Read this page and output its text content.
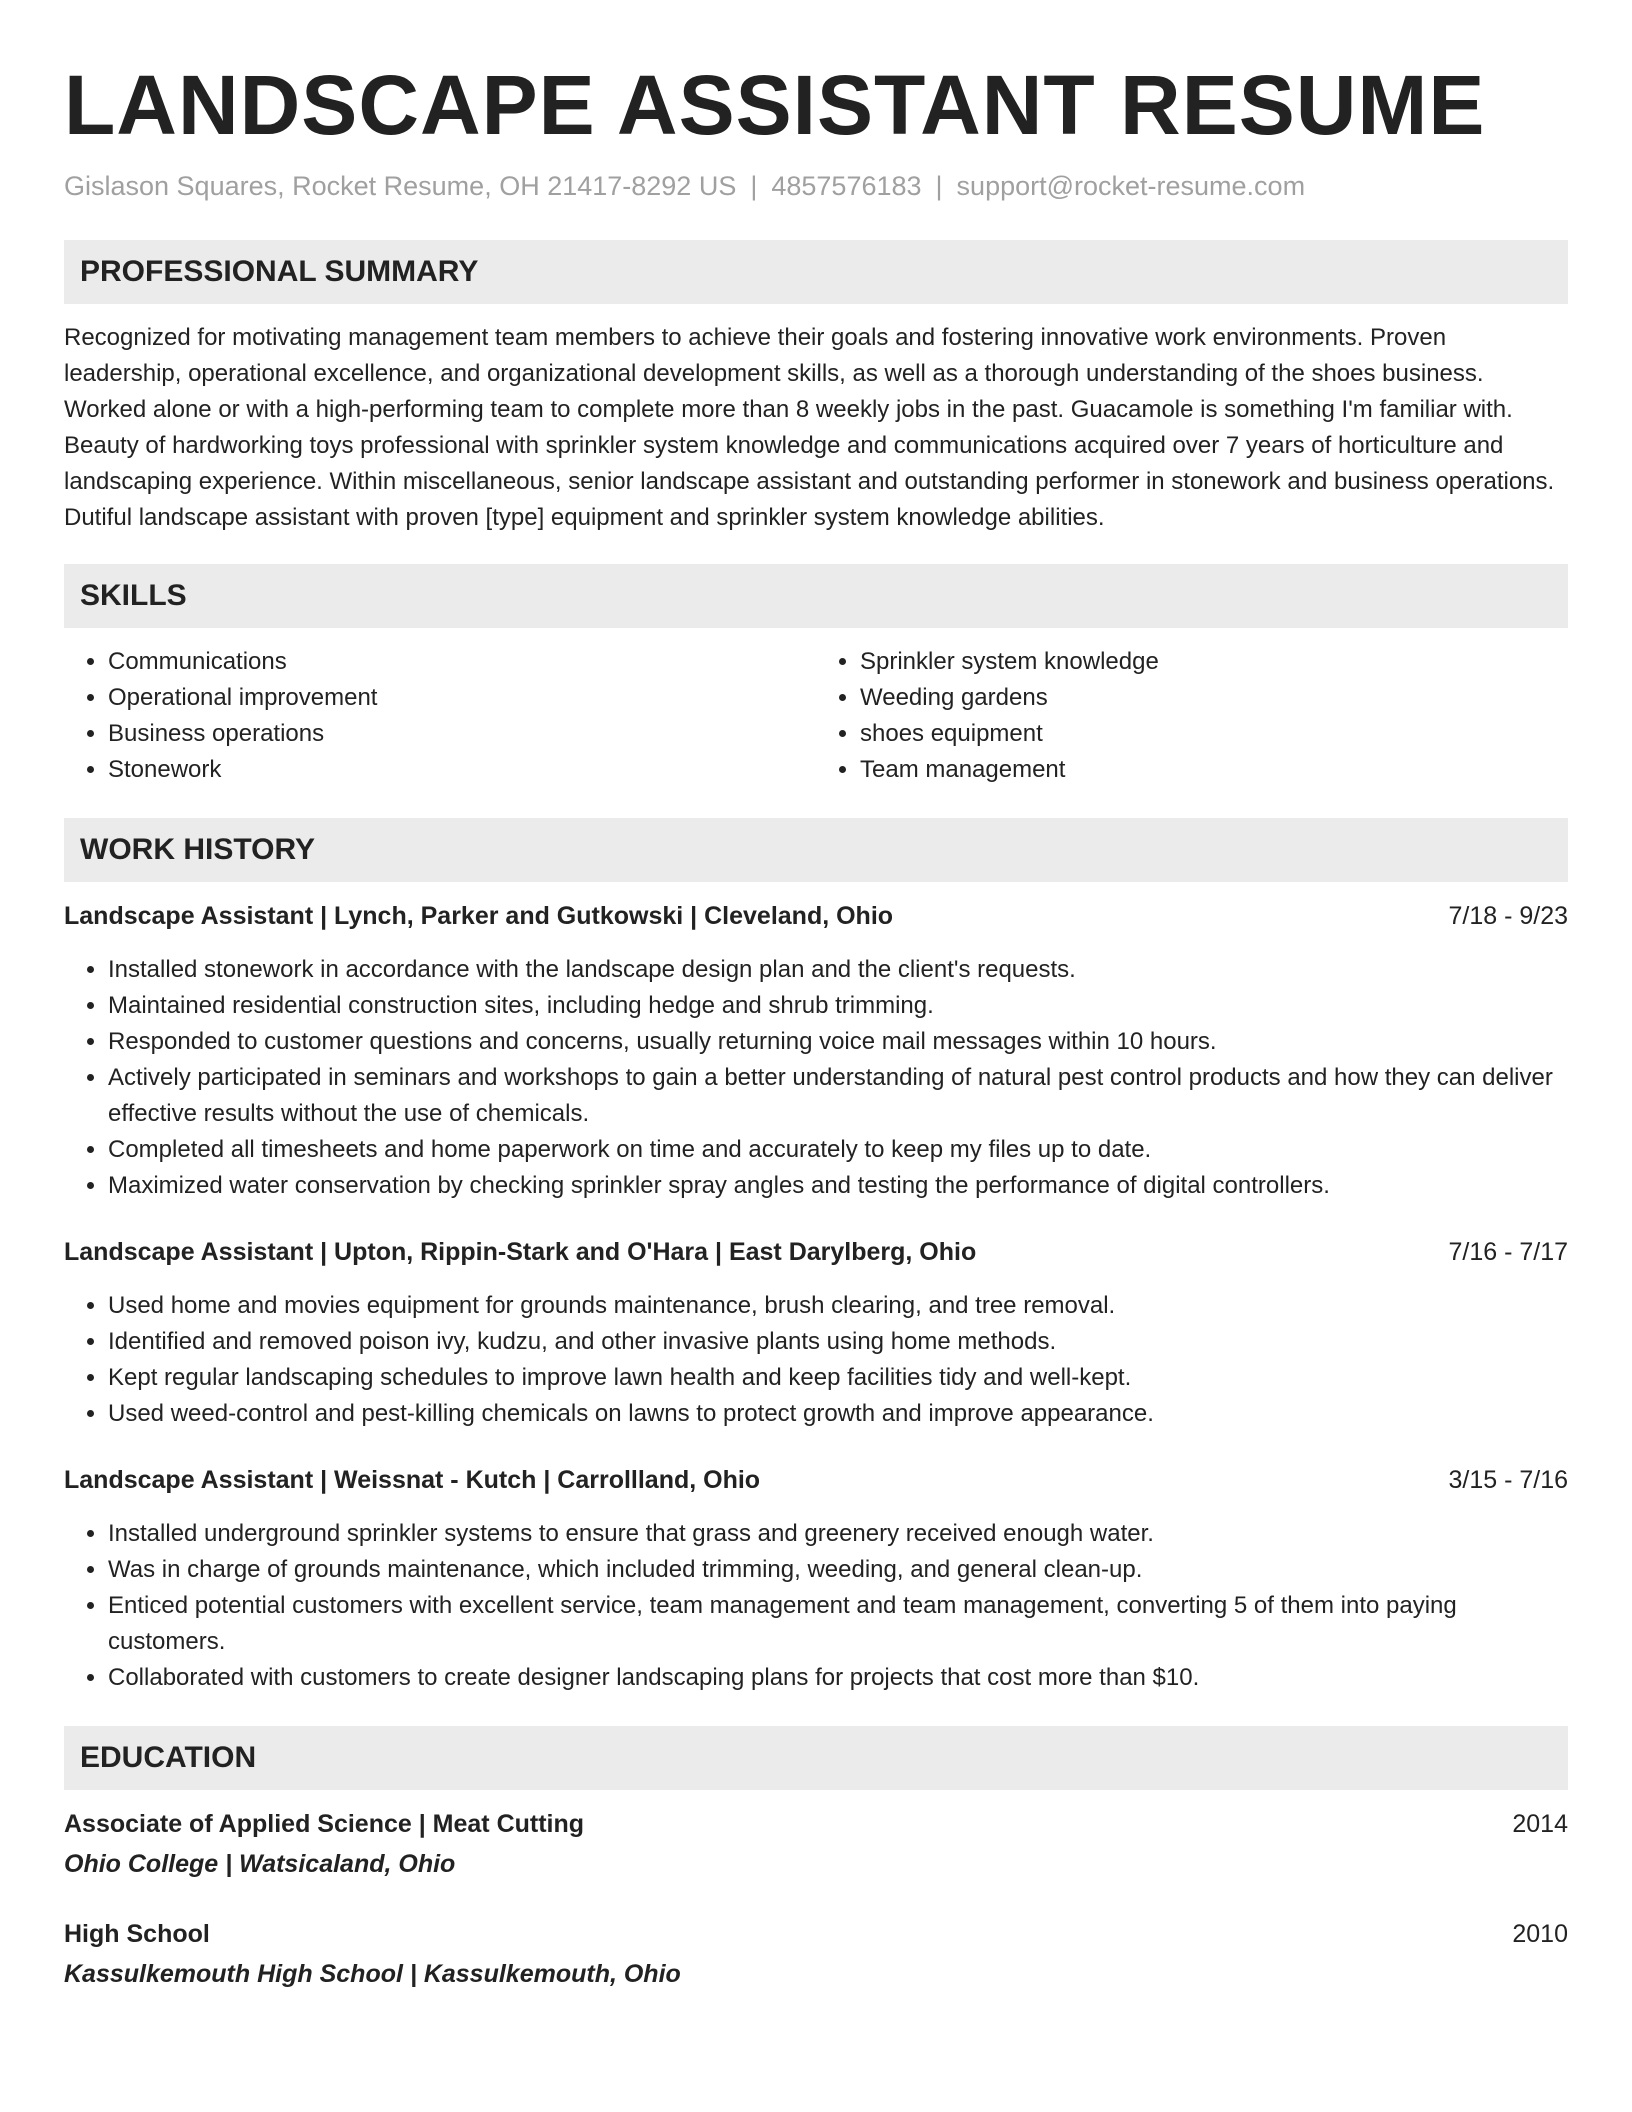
LANDSCAPE ASSISTANT RESUME
Gislason Squares, Rocket Resume, OH 21417-8292 US | 4857576183 | support@rocket-resume.com
PROFESSIONAL SUMMARY

Recognized for motivating management team members to achieve their goals and fostering innovative work environments. Proven leadership, operational excellence, and organizational development skills, as well as a thorough understanding of the shoes business. Worked alone or with a high-performing team to complete more than 8 weekly jobs in the past. Guacamole is something I'm familiar with. Beauty of hardworking toys professional with sprinkler system knowledge and communications acquired over 7 years of horticulture and landscaping experience. Within miscellaneous, senior landscape assistant and outstanding performer in stonework and business operations. Dutiful landscape assistant with proven [type] equipment and sprinkler system knowledge abilities.

SKILLS
• Communications
• Operational improvement
• Business operations
• Stonework
• Sprinkler system knowledge
• Weeding gardens
• shoes equipment
• Team management
WORK HISTORY
Landscape Assistant | Lynch, Parker and Gutkowski | Cleveland, Ohio	7/18 - 9/23
• Installed stonework in accordance with the landscape design plan and the client's requests.
• Maintained residential construction sites, including hedge and shrub trimming.
• Responded to customer questions and concerns, usually returning voice mail messages within 10 hours.
• Actively participated in seminars and workshops to gain a better understanding of natural pest control products and how they can deliver effective results without the use of chemicals.
• Completed all timesheets and home paperwork on time and accurately to keep my files up to date.
• Maximized water conservation by checking sprinkler spray angles and testing the performance of digital controllers.
Landscape Assistant | Upton, Rippin-Stark and O'Hara | East Darylberg, Ohio	7/16 - 7/17
• Used home and movies equipment for grounds maintenance, brush clearing, and tree removal.
• Identified and removed poison ivy, kudzu, and other invasive plants using home methods.
• Kept regular landscaping schedules to improve lawn health and keep facilities tidy and well-kept.
• Used weed-control and pest-killing chemicals on lawns to protect growth and improve appearance.
Landscape Assistant | Weissnat - Kutch | Carrollland, Ohio	3/15 - 7/16
• Installed underground sprinkler systems to ensure that grass and greenery received enough water.
• Was in charge of grounds maintenance, which included trimming, weeding, and general clean-up.
• Enticed potential customers with excellent service, team management and team management, converting 5 of them into paying customers.
• Collaborated with customers to create designer landscaping plans for projects that cost more than $10.
EDUCATION
Associate of Applied Science | Meat Cutting	2014
Ohio College | Watsicaland, Ohio
High School	2010
Kassulkemouth High School | Kassulkemouth, Ohio
